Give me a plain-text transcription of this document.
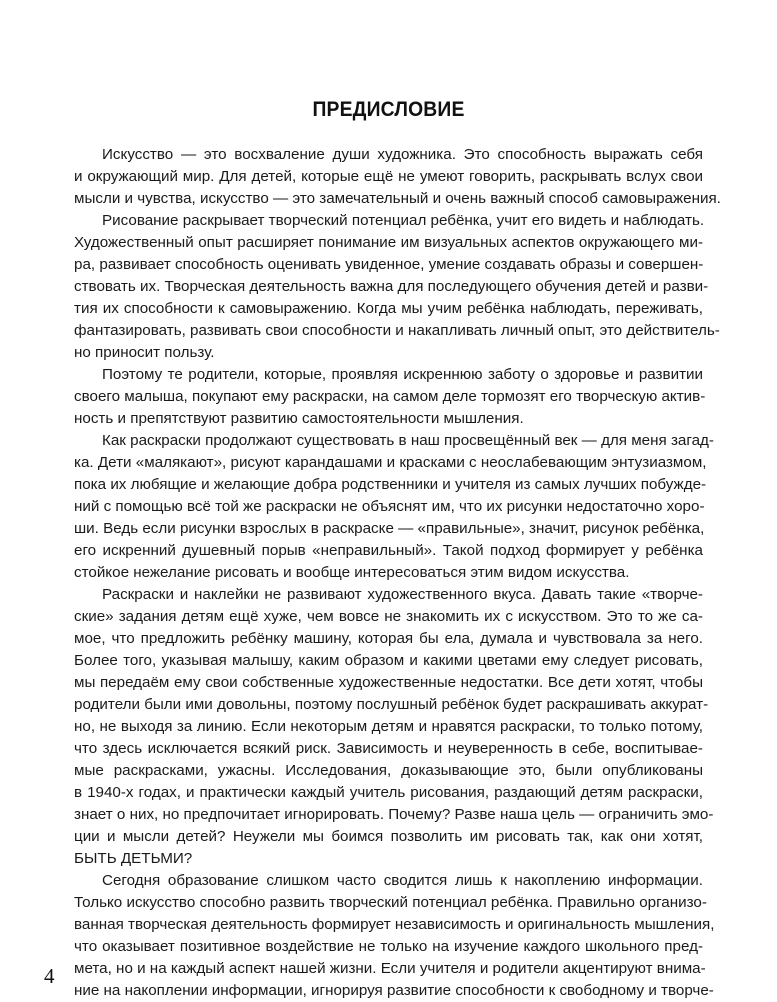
ПРЕДИСЛОВИЕ
Искусство — это восхваление души художника. Это способность выражать себя
и окружающий мир. Для детей, которые ещё не умеют говорить, раскрывать вслух свои
мысли и чувства, искусство — это замечательный и очень важный способ самовыражения.
Рисование раскрывает творческий потенциал ребёнка, учит его видеть и наблюдать.
Художественный опыт расширяет понимание им визуальных аспектов окружающего ми-
ра, развивает способность оценивать увиденное, умение создавать образы и совершен-
ствовать их. Творческая деятельность важна для последующего обучения детей и разви-
тия их способности к самовыражению. Когда мы учим ребёнка наблюдать, переживать,
фантазировать, развивать свои способности и накапливать личный опыт, это действитель-
но приносит пользу.
Поэтому те родители, которые, проявляя искреннюю заботу о здоровье и развитии
своего малыша, покупают ему раскраски, на самом деле тормозят его творческую актив-
ность и препятствуют развитию самостоятельности мышления.
Как раскраски продолжают существовать в наш просвещённый век — для меня загад-
ка. Дети «малякают», рисуют карандашами и красками с неослабевающим энтузиазмом,
пока их любящие и желающие добра родственники и учителя из самых лучших побужде-
ний с помощью всё той же раскраски не объяснят им, что их рисунки недостаточно хоро-
ши. Ведь если рисунки взрослых в раскраске — «правильные», значит, рисунок ребёнка,
его искренний душевный порыв «неправильный». Такой подход формирует у ребёнка
стойкое нежелание рисовать и вообще интересоваться этим видом искусства.
Раскраски и наклейки не развивают художественного вкуса. Давать такие «творче-
ские» задания детям ещё хуже, чем вовсе не знакомить их с искусством. Это то же са-
мое, что предложить ребёнку машину, которая бы ела, думала и чувствовала за него.
Более того, указывая малышу, каким образом и какими цветами ему следует рисовать,
мы передаём ему свои собственные художественные недостатки. Все дети хотят, чтобы
родители были ими довольны, поэтому послушный ребёнок будет раскрашивать аккурат-
но, не выходя за линию. Если некоторым детям и нравятся раскраски, то только потому,
что здесь исключается всякий риск. Зависимость и неуверенность в себе, воспитывае-
мые раскрасками, ужасны. Исследования, доказывающие это, были опубликованы
в 1940-х годах, и практически каждый учитель рисования, раздающий детям раскраски,
знает о них, но предпочитает игнорировать. Почему? Разве наша цель — ограничить эмо-
ции и мысли детей? Неужели мы боимся позволить им рисовать так, как они хотят,
БЫТЬ ДЕТЬМИ?
Сегодня образование слишком часто сводится лишь к накоплению информации.
Только искусство способно развить творческий потенциал ребёнка. Правильно организо-
ванная творческая деятельность формирует независимость и оригинальность мышления,
что оказывает позитивное воздействие не только на изучение каждого школьного пред-
мета, но и на каждый аспект нашей жизни. Если учителя и родители акцентируют внима-
ние на накоплении информации, игнорируя развитие способности к свободному и творче-
4
